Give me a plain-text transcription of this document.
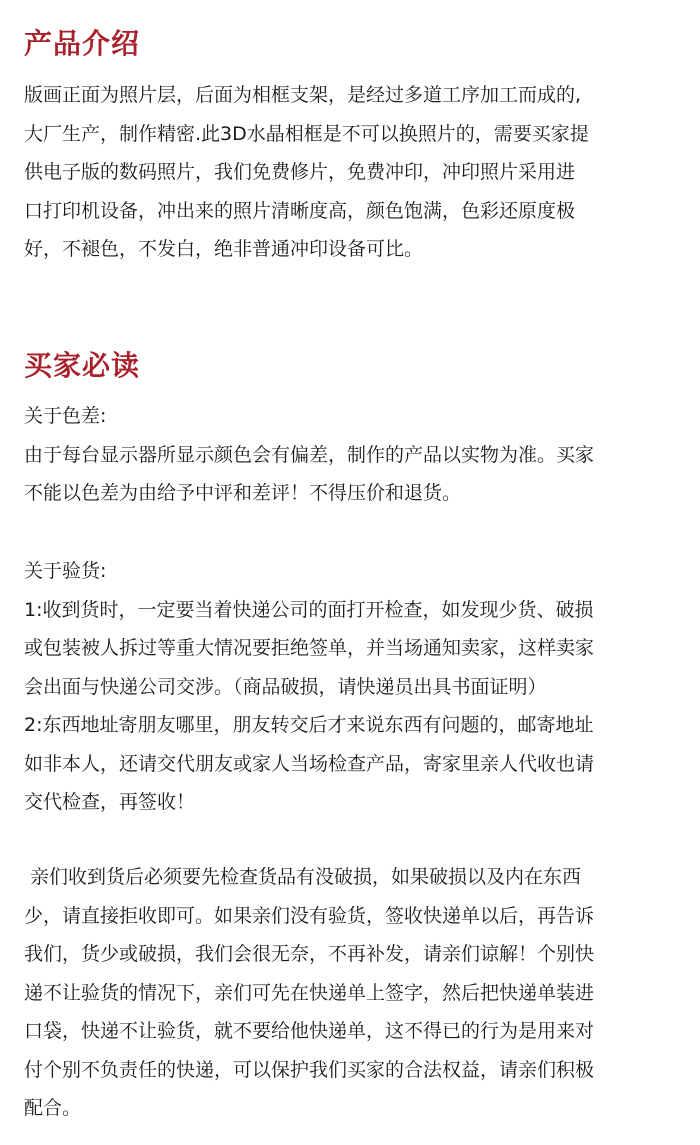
产品介绍
版画正面为照片层，后面为相框支架，是经过多道工序加工而成的,
大厂生产，制作精密.此3D水晶相框是不可以换照片的，需要买家提
供电子版的数码照片，我们免费修片，免费冲印，冲印照片采用进
口打印机设备，冲出来的照片清晰度高，颜色饱满，色彩还原度极
好，不褪色，不发白，绝非普通冲印设备可比。
买家必读
关于色差:
由于每台显示器所显示颜色会有偏差，制作的产品以实物为准。买家
不能以色差为由给予中评和差评！不得压价和退货。
关于验货:
1:收到货时，一定要当着快递公司的面打开检查，如发现少货、破损
或包装被人拆过等重大情况要拒绝签单，并当场通知卖家，这样卖家
会出面与快递公司交涉。（商品破损，请快递员出具书面证明）
2:东西地址寄朋友哪里，朋友转交后才来说东西有问题的，邮寄地址
如非本人，还请交代朋友或家人当场检查产品，寄家里亲人代收也请
交代检查，再签收！
亲们收到货后必须要先检查货品有没破损，如果破损以及内在东西
少，请直接拒收即可。如果亲们没有验货，签收快递单以后，再告诉
我们，货少或破损，我们会很无奈，不再补发，请亲们谅解！个别快
递不让验货的情况下，亲们可先在快递单上签字，然后把快递单装进
口袋，快递不让验货，就不要给他快递单，这不得已的行为是用来对
付个别不负责任的快递，可以保护我们买家的合法权益，请亲们积极
配合。
